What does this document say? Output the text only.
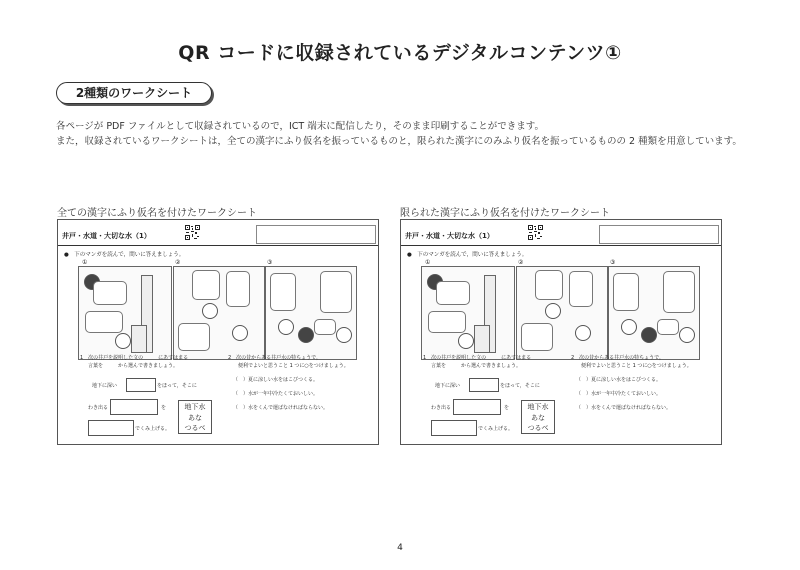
QR コードに収録されているデジタルコンテンツ①
2種類のワークシート
各ページが PDF ファイルとして収録されているので，ICT 端末に配信したり，そのまま印刷することができます。
また，収録されているワークシートは，全ての漢字にふり仮名を振っているものと，限られた漢字にのみふり仮名を振っているものの 2 種類を用意しています。
全ての漢字にふり仮名を付けたワークシート	限られた漢字にふり仮名を付けたワークシート
井戸・水道・大切な水（1）
●　下のマンガを読んで，問いに答えましょう。
①	②	③
1　次の井戸を説明した文の　　　にあてはまる
言葉を　　　から選んで書きましょう。
2　次の昔からある井戸水の特ちょうで，
便利でよいと思うこと 1 つに○をつけましょう。
（　）夏に涼しい水をはこびつくる。
（　）水が一年中冷たくておいしい。
（　）水をくんで運ばなければならない。
地下に深い	をほって，そこに
わき出る	を
でくみ上げる。
地下水
あな
つるべ
井戸・水道・大切な水（1）
●　下のマンガを読んで，問いに答えましょう。
①	②	③
1　次の井戸を説明した文の　　　にあてはまる
言葉を　　　から選んで書きましょう。
2　次の昔からある井戸水の特ちょうで，
便利でよいと思うこと 1 つに○をつけましょう。
（　）夏に涼しい水をはこびつくる。
（　）水が一年中冷たくておいしい。
（　）水をくんで運ばなければならない。
地下に深い	をほって，そこに
わき出る	を
でくみ上げる。
地下水
あな
つるべ
4
